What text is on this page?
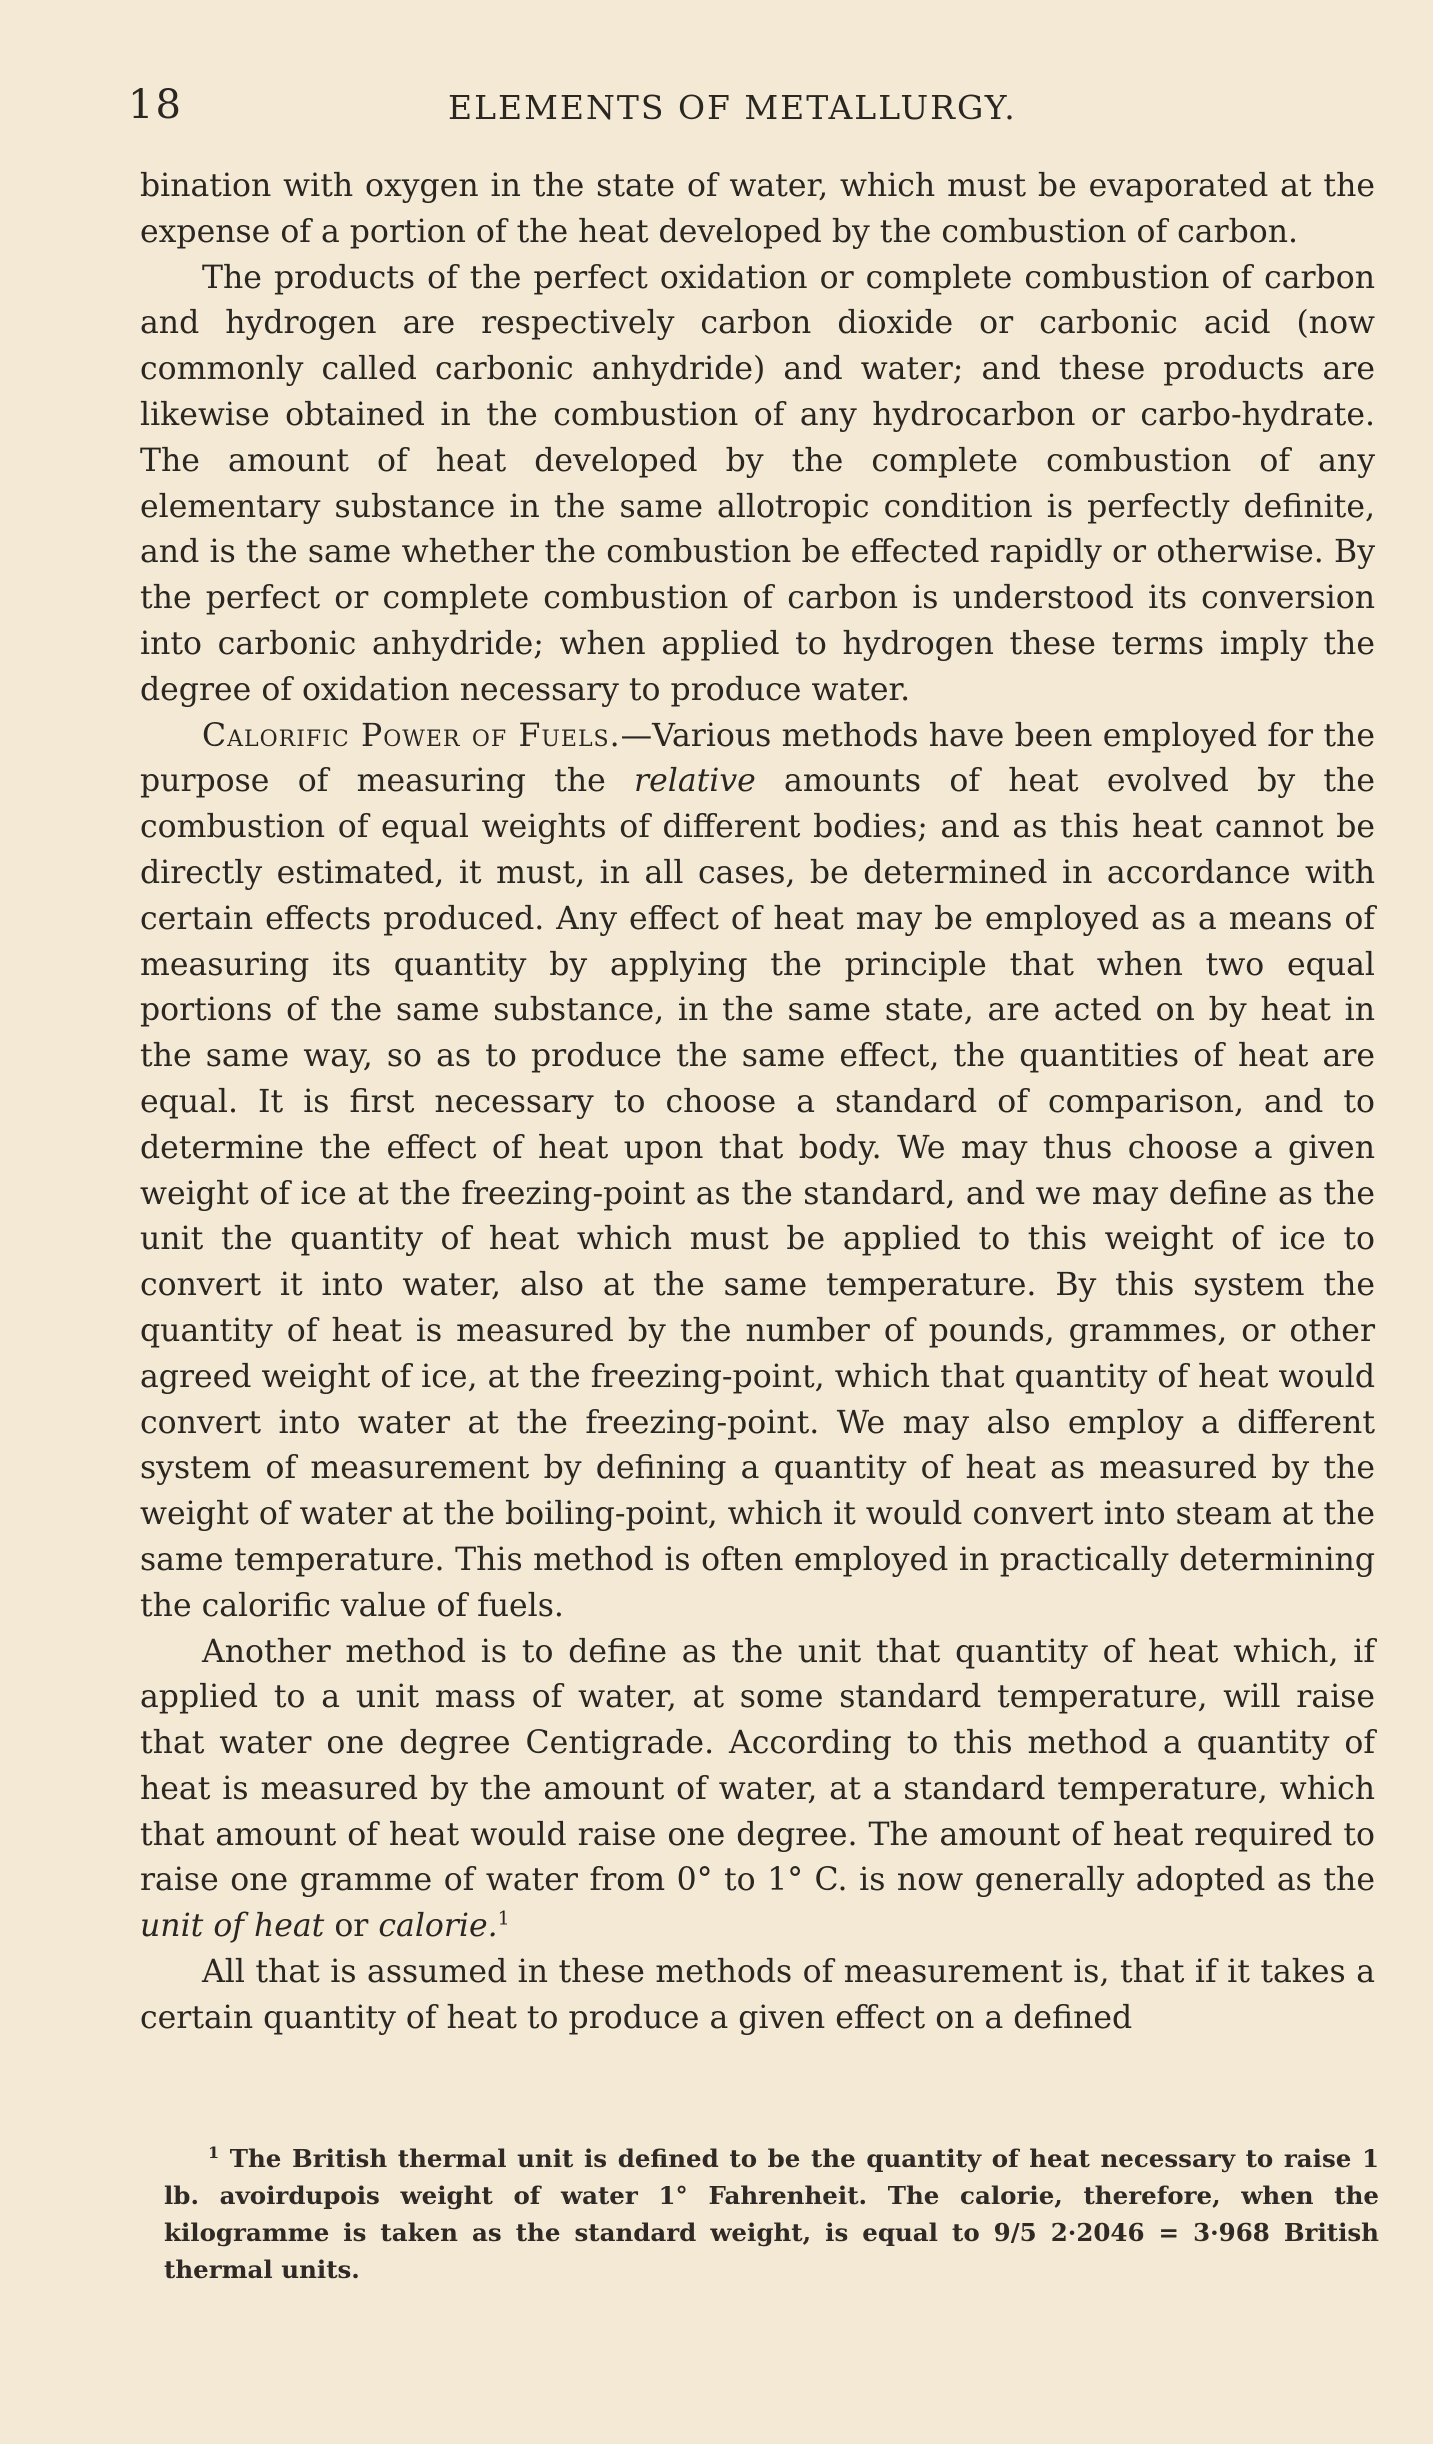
18	ELEMENTS OF METALLURGY.

bination with oxygen in the state of water, which must be evaporated at the expense of a portion of the heat developed by the combustion of carbon.

The products of the perfect oxidation or complete combustion of carbon and hydrogen are respectively carbon dioxide or carbonic acid (now commonly called carbonic anhydride) and water; and these products are likewise obtained in the combustion of any hydrocarbon or carbo-hydrate. The amount of heat developed by the complete combustion of any elementary substance in the same allotropic condition is perfectly definite, and is the same whether the combustion be effected rapidly or otherwise. By the perfect or complete combustion of carbon is understood its conversion into carbonic anhydride; when applied to hydrogen these terms imply the degree of oxidation necessary to produce water.

Calorific Power of Fuels.—Various methods have been employed for the purpose of measuring the relative amounts of heat evolved by the combustion of equal weights of different bodies; and as this heat cannot be directly estimated, it must, in all cases, be determined in accordance with certain effects produced. Any effect of heat may be employed as a means of measuring its quantity by applying the principle that when two equal portions of the same substance, in the same state, are acted on by heat in the same way, so as to produce the same effect, the quantities of heat are equal. It is first necessary to choose a standard of comparison, and to determine the effect of heat upon that body. We may thus choose a given weight of ice at the freezing-point as the standard, and we may define as the unit the quantity of heat which must be applied to this weight of ice to convert it into water, also at the same temperature. By this system the quantity of heat is measured by the number of pounds, grammes, or other agreed weight of ice, at the freezing-point, which that quantity of heat would convert into water at the freezing-point. We may also employ a different system of measurement by defining a quantity of heat as measured by the weight of water at the boiling-point, which it would convert into steam at the same temperature. This method is often employed in practically determining the calorific value of fuels.

Another method is to define as the unit that quantity of heat which, if applied to a unit mass of water, at some standard temperature, will raise that water one degree Centigrade. According to this method a quantity of heat is measured by the amount of water, at a standard temperature, which that amount of heat would raise one degree. The amount of heat required to raise one gramme of water from 0° to 1° C. is now generally adopted as the unit of heat or calorie.$^1$

All that is assumed in these methods of measurement is, that if it takes a certain quantity of heat to produce a given effect on a defined

$^1$ The British thermal unit is defined to be the quantity of heat necessary to raise 1 lb. avoirdupois weight of water 1° Fahrenheit. The calorie, therefore, when the kilogramme is taken as the standard weight, is equal to 9/5 2·2046 = 3·968 British thermal units.
